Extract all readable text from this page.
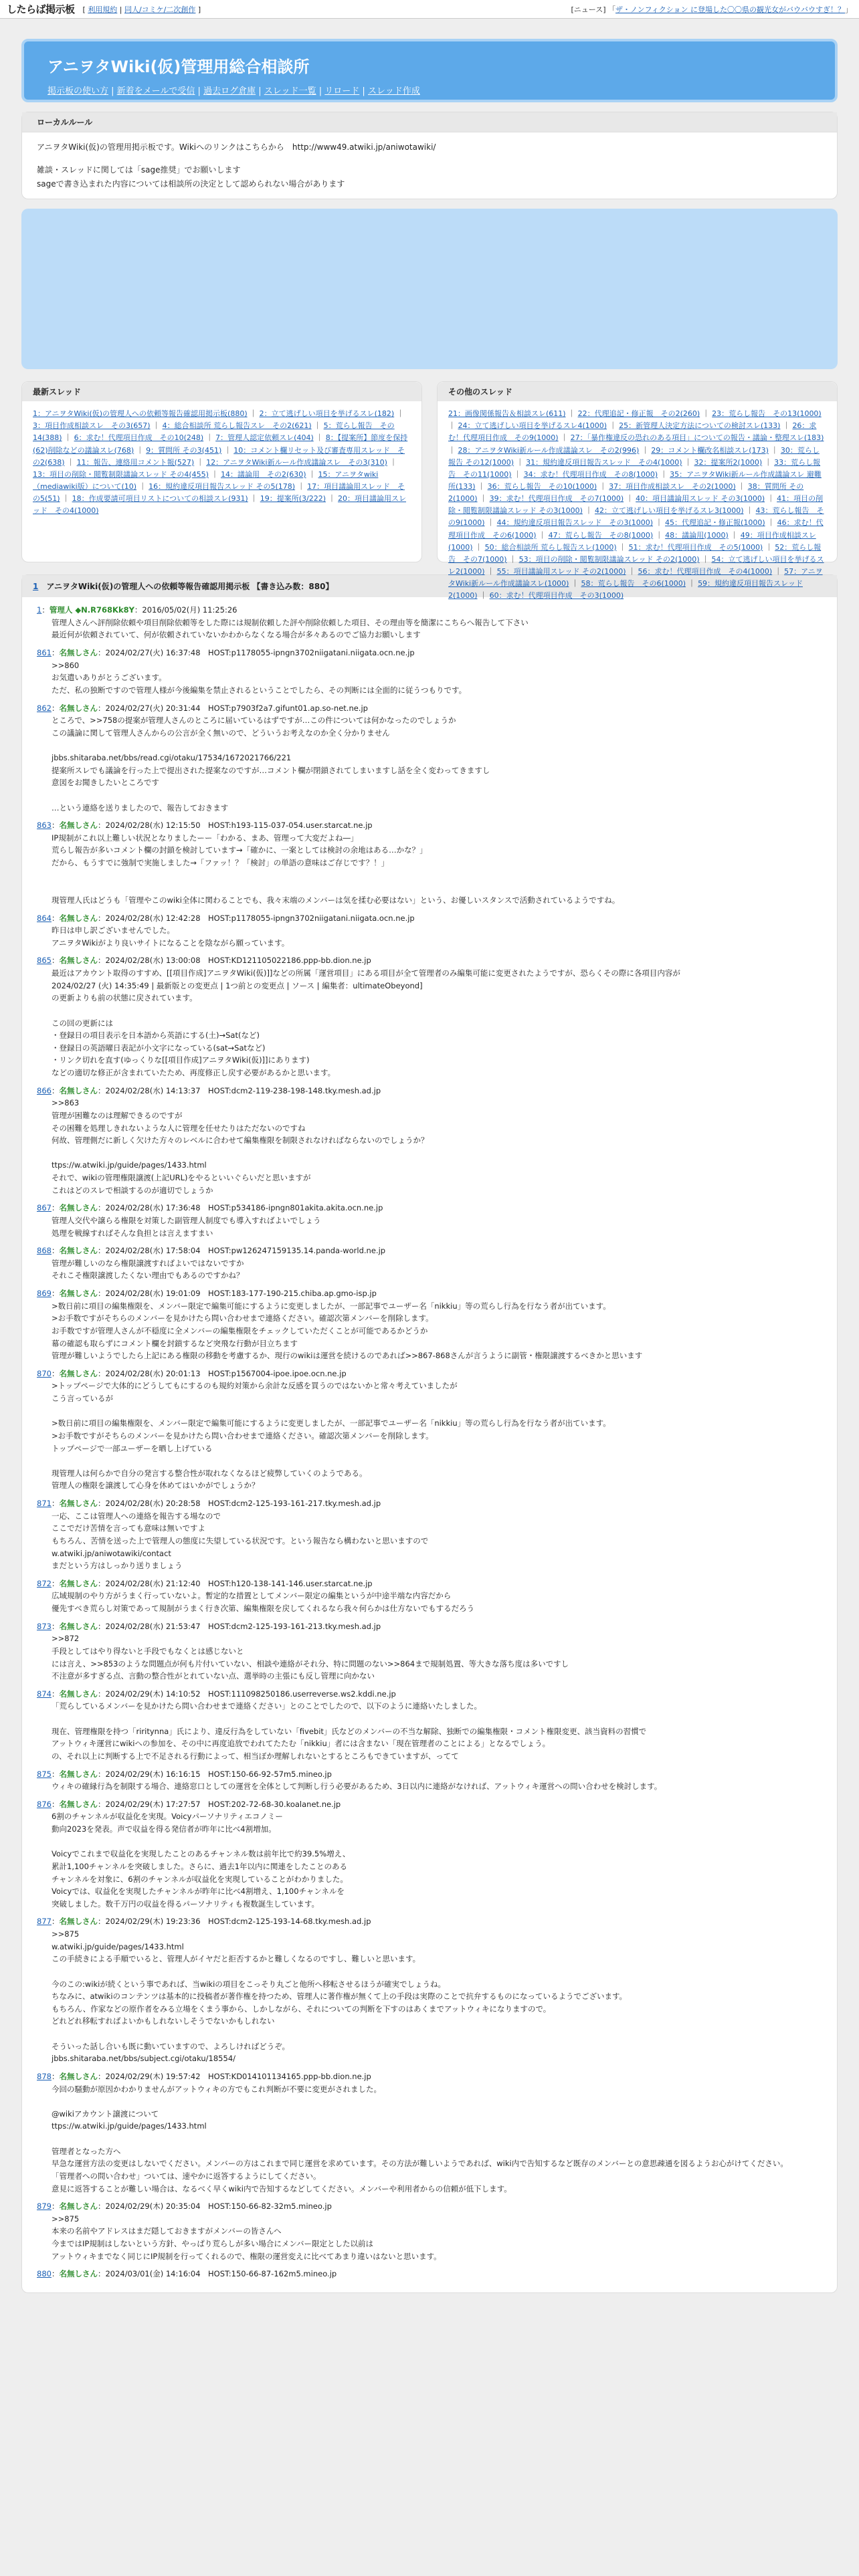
したらば掲示板 [ 利用規約 | 同人/コミケ/二次創作 ]	[ニュース] 「ザ・ノンフィクション に登場した〇〇県の観光女がバウバウすぎ！？」
アニヲタWiki(仮)管理用総合相談所
掲示板の使い方 | 新着をメールで受信 | 過去ログ倉庫 | スレッド一覧 | リロード | スレッド作成
ローカルルール
アニヲタWiki(仮)の管理用掲示板です。Wikiへのリンクはこちらから　http://www49.atwiki.jp/aniwotawiki/
雑談・スレッドに関しては「sage推奨」でお願いします
sageで書き込まれた内容については相談所の決定として認められない場合があります
最新スレッド
1：アニヲタWiki(仮)の管理人への依頼等報告確認用掲示板(880) ｜ 2：立て逃げしい項目を挙げるスレ(182) ｜ 3：項目作成相談スレ　その3(657) ｜ 4：総合相談所 荒らし報告スレ　その2(621) ｜ 5：荒らし報告　その14(388) ｜ 6：求む！代理項目作成　その10(248) ｜ 7：管理人認定依頼スレ(404) ｜ 8：【提案所】節度を保持(62)削除などの議論スレ(768) ｜ 9：質問所 その3(451) ｜ 10：コメント欄リセット及び審査専用スレッド　その2(638) ｜ 11：報告、連絡用コメント報(527) ｜ 12：アニヲタWiki新ルール作成議論スレ　その3(310) ｜ 13：項目の削除・閲覧制限議論スレッド その4(455) ｜ 14：議論用　その2(630) ｜ 15：アニヲタwiki（mediawiki版）について(10) ｜ 16：規約違反項目報告スレッド その5(178) ｜ 17：項目議論用スレッド　その5(51) ｜ 18：作成要請可項目リストについての相談スレ(931) ｜ 19：提案所(3/222) ｜ 20：項目議論用スレッド　その4(1000)
その他のスレッド
21：画像関係報告＆相談スレ(611) ｜ 22：代理追記・修正報　その2(260) ｜ 23：荒らし報告　その13(1000) ｜ 24：立て逃げしい項目を挙げるスレ4(1000) ｜ 25：新管理人決定方法についての検討スレ(133) ｜ 26：求む！代理項目作成　その9(1000) ｜ 27：「暴作権違反の恐れのある項目」についての報告・議論・整理スレ(183) ｜ 28：アニヲタWiki新ルール作成議論スレ　その2(996) ｜ 29：コメント欄改名相談スレ(173) ｜ 30：荒らし報告 その12(1000) ｜ 31：規約違反項目報告スレッド　その4(1000) ｜ 32：提案所2(1000) ｜ 33：荒らし報告　その11(1000) ｜ 34：求む！代理項目作成　その8(1000) ｜ 35：アニヲタWiki新ルール作成議論スレ 避難所(133) ｜ 36：荒らし報告　その10(1000) ｜ 37：項目作成相談スレ　その2(1000) ｜ 38：質問所 その2(1000) ｜ 39：求む！代理項目作成　その7(1000) ｜ 40：項目議論用スレッド その3(1000) ｜ 41：項目の削除・閲覧制限議論スレッド その3(1000) ｜ 42：立て逃げしい項目を挙げるスレ3(1000) ｜ 43：荒らし報告　その9(1000) ｜ 44：規約違反項目報告スレッド　その3(1000) ｜ 45：代理追記・修正報(1000) ｜ 46：求む！代理項目作成　その6(1000) ｜ 47：荒らし報告　その8(1000) ｜ 48：議論用(1000) ｜ 49：項目作成相談スレ(1000) ｜ 50：総合相談所 荒らし報告スレ(1000) ｜ 51：求む！代理項目作成　その5(1000) ｜ 52：荒らし報告　その7(1000) ｜ 53：項目の削除・閲覧制限議論スレッド その2(1000) ｜ 54：立て逃げしい項目を挙げるスレ2(1000) ｜ 55：項目議論用スレッド その2(1000) ｜ 56：求む！代理項目作成　その4(1000) ｜ 57：アニヲタWiki新ルール作成議論スレ(1000) ｜ 58：荒らし報告　その6(1000) ｜ 59：規約違反項目報告スレッド2(1000) ｜ 60：求む！代理項目作成　その3(1000)
1 アニヲタWiki(仮)の管理人への依頼等報告確認用掲示板 【書き込み数：880】
1：管理人 ◆N.R768Kk8Y：2016/05/02(月) 11:25:26
管理人さんへ評削除依頼や項目削除依頼等をした際には規制依頼した評や削除依頼した項目、その理由等を簡潔にこちらへ報告して下さい
最近何が依頼されていて、何が依頼されていないかわからなくなる場合が多々あるのでご協力お願いします
861：名無しさん：2024/02/27(火) 16:37:48　HOST:p1178055-ipngn3702niigatani.niigata.ocn.ne.jp
>>860
お気遣いありがとうございます。
ただ、私の独断ですので管理人様が今後編集を禁止されるということでしたら、その判断には全面的に従うつもりです。
862：名無しさん：2024/02/27(火) 20:31:44　HOST:p7903f2a7.gifunt01.ap.so-net.ne.jp
ところで、>>758の提案が管理人さんのところに届いているはずですが…この件については何かなったのでしょうか
この議論に関して管理人さんからの公言が全く無いので、どういうお考えなのか全く分かりません

jbbs.shitaraba.net/bbs/read.cgi/otaku/17534/1672021766/221
提案所スレでも議論を行った上で提出された提案なのですが…コメント欄が閉鎖されてしまいますし話を全く変わってきますし
意図をお聞きしたいところです

…という連絡を送りましたので、報告しておきます
863：名無しさん：2024/02/28(水) 12:15:50　HOST:h193-115-037-054.user.starcat.ne.jp
IP規制がこれ以上難しい状況となりましたーー「わかる、まあ、管理って大変だよね―」
荒らし報告が多いコメント欄の封鎖を検討しています→「確かに、一案としては検討の余地はある…かな？」
だから、もうすでに強制で実施しました→「ファッ！？「検討」の単語の意味はご存じです？！」

現管理人氏はどうも「管理やこのwiki全体に関わることでも、我々末端のメンバーは気を揉む必要はない」という、お優しいスタンスで活動されているようですね。
864：名無しさん：2024/02/28(水) 12:42:28　HOST:p1178055-ipngn3702niigatani.niigata.ocn.ne.jp
昨日は申し訳ございませんでした。
アニヲタWikiがより良いサイトになることを陰ながら願っています。
865：名無しさん：2024/02/28(水) 13:00:08　HOST:KD121105022186.ppp-bb.dion.ne.jp
最近はアカウント取得のすすめ、[[項目作成]アニヲタWiki(仮)]]などの所属「運営項目」にある項目が全て管理者のみ編集可能に変更されたようですが、恐らくその際に各項目内容が
2024/02/27 (火) 14:35:49 | 最新版との変更点 | 1つ前との変更点 | ソース | 編集者：ultimateObeyond]
の更新よりも前の状態に戻されています。

この回の更新には
・登録日の項目表示を日本語から英語にする(土)→Sat(など)
・登録日の英語曜日表記が小文字になっている(sat→Satなど)
・リンク切れを直す(ゆっくりな[[項目作成]アニヲタWiki(仮)]]にあります)
などの適切な修正が含まれていたため、再度修正し戻す必要があるかと思います。
866：名無しさん：2024/02/28(水) 14:13:37　HOST:dcm2-119-238-198-148.tky.mesh.ad.jp
>>863
管理が困難なのは理解できるのですが
その困難を処理しきれないような人に管理を任せたりはただないのですね
何故、管理側だに新しく欠けた方々のレベルに合わせて編集権限を制限されなければならないのでしょうか？

ttps://w.atwiki.jp/guide/pages/1433.html
それで、wikiの管理権限譲渡(上記URL)をやるといいぐらいだと思いますが
これはどのスレで相談するのが適切でしょうか
867：名無しさん：2024/02/28(水) 17:36:48　HOST:p534186-ipngn801akita.akita.ocn.ne.jp
管理人交代や譲らる権限を対策した副管理人制度でも導入すればよいでしょう
処理を戦線すればそんな負担とは言えますまい
868：名無しさん：2024/02/28(水) 17:58:04　HOST:pw126247159135.14.panda-world.ne.jp
管理が難しいのなら権限譲渡すればよいではないですか
それこそ権限譲渡したくない理由でもあるのですかね？
869：名無しさん：2024/02/28(水) 19:01:09　HOST:183-177-190-215.chiba.ap.gmo-isp.jp
>数日前に項目の編集権限を、メンバー限定で編集可能にするように変更しましたが、一部記事でユーザー名「nikkiu」等の荒らし行為を行なう者が出ています。
>お手数ですがそちらのメンバーを見かけたら問い合わせまで連絡ください。確認次第メンバーを削除します。
お手数ですが管理人さんが不穏度に全メンバーの編集権限をチェックしていただくことが可能であるかどうか
幕の確認も取らずにコメント欄を封鎖するなど突飛な行動が目立ちます
管理が難しいようでしたら上記にある権限の移動を考慮するか、現行のwikiは運営を続けるのであれば>>867-868さんが言うように副管・権限譲渡するべきかと思います
870：名無しさん：2024/02/28(水) 20:01:13　HOST:p1567004-ipoe.ipoe.ocn.ne.jp
>トップページで大体的にどうしてもにするのも規約対策から余計な反感を買うのではないかと常々考えていましたが
こう言っているが

>数日前に項目の編集権限を、メンバー限定で編集可能にするように変更しましたが、一部記事でユーザー名「nikkiu」等の荒らし行為を行なう者が出ています。
>お手数ですがそちらのメンバーを見かけたら問い合わせまで連絡ください。確認次第メンバーを削除します。
トップページで一部ユーザーを晒し上げている

現管理人は何らかで自分の発言する整合性が取れなくなるほど疲弊していくのようである。
管理人の権限を譲渡して心身を休めてはいかがでしょうか？
871：名無しさん：2024/02/28(水) 20:28:58　HOST:dcm2-125-193-161-217.tky.mesh.ad.jp
一応、ここは管理人への連絡を報告する場なので
ここでだけ苦情を言っても意味は無いですよ
もちろん、苦情を送った上で管理人の態度に失望している状況です。という報告なら構わないと思いますので
w.atwiki.jp/aniwotawiki/contact
まだという方はしっかり送りましょう
872：名無しさん：2024/02/28(水) 21:12:40　HOST:h120-138-141-146.user.starcat.ne.jp
広域規制のやり方がうまく行っていないよ。暫定的な措置としてメンバー限定の編集というが中途半端な内容だから
優先すべき荒らし対策であって規制がうまく行き次第、編集権限を戻してくれるなら我々何らかは仕方ないでもするだろう
873：名無しさん：2024/02/28(水) 21:53:47　HOST:dcm2-125-193-161-213.tky.mesh.ad.jp
>>872
手段としてはやり得ないと手段でもなくとは感じないと
には言え、>>853のような問題点が何も片付いていない、相談や連絡がそれ分、特に問題のない>>864まで規制処置、等大きな落ち度は多いですし
不注意が多すぎる点、言動の整合性がとれていない点、選挙時の主張にも反し管理に向かない
874：名無しさん：2024/02/29(木) 14:10:52　HOST:111098250186.userreverse.ws2.kddi.ne.jp
「荒らしているメンバーを見かけたら問い合わせまで連絡ください」とのことでしたので、以下のように連絡いたしました。

現在、管理権限を持つ「riritynna」氏により、違反行為をしていない「fivebit」氏などのメンバーの不当な解除、独断での編集権限・コメント権限変更、該当資料の習慣で
アットウィキ運営にwikiへの参加を、その中に再度追放でわれてたたむ「nikkiu」者には含まない「現在管理者のことによる」となるでしょう。
の、それ以上に判断する上で不足される行動によって、相当ぼか理解しれないとするところもできていますが、ってて
875：名無しさん：2024/02/29(木) 16:16:15　HOST:150-66-92-57m5.mineo.jp
ウィキの確縁行為を制限する場合、連絡窓口としての運営を全体として判断し行う必要があるため、3日以内に連絡がなければ、アットウィキ運営への問い合わせを検討します。
876：名無しさん：2024/02/29(木) 17:27:57　HOST:202-72-68-30.koalanet.ne.jp
6割のチャンネルが収益化を実現。Voicyパーソナリティエコノミー
動向2023を発表。声で収益を得る発信者が昨年に比べ4割増加。

Voicyでこれまで収益化を実現したことのあるチャンネル数は前年比で約39.5%増え、
累計1,100チャンネルを突破しました。さらに、過去1年以内に関連をしたことのある
チャンネルを対象に、6割のチャンネルが収益化を実現していることがわかりました。
Voicyでは、収益化を実現したチャンネルが昨年に比べ4割増え、1,100チャンネルを
突破しました。数千万円の収益を得るパーソナリティも複数誕生しています。
877：名無しさん：2024/02/29(木) 19:23:36　HOST:dcm2-125-193-14-68.tky.mesh.ad.jp
>>875
w.atwiki.jp/guide/pages/1433.html
この手続きによる手順でいると、管理人がイヤだと拒否するかと難しくなるのですし、難しいと思います。

今のこの:wikiが続くという事であれば、当wikiの項目をこっそり丸ごと他所へ移転させるほうが確実でしょうね。
ちなみに、atwikiのコンテンツは基本的に投稿者が著作権を持つため、管理人に著作権が無くて上の手段は実際のことで抗弁するものになっているようでございます。
もちろん、作家などの原作者をみる立場をくまう事から、しかしながら、それについての判断を下すのはあくまでアットウィキになりますので。
どれどれ移転すればよいかもしれないしそうでないかもしれない

そういった話し合いも既に動いていますので、よろしければどうぞ。
jbbs.shitaraba.net/bbs/subject.cgi/otaku/18554/
878：名無しさん：2024/02/29(木) 19:57:42　HOST:KD014101134165.ppp-bb.dion.ne.jp
今回の騒動が原因かわかりませんがアットウィキの方でもこれ判断が不要に変更がされました。

@wikiアカウント譲渡について
ttps://w.atwiki.jp/guide/pages/1433.html

管理者となった方へ
早急な運営方法の変更はしないでください。メンバーの方はこれまで同じ運営を求めています。その方法が難しいようであれば、wiki内で告知するなど既存のメンバーとの意思疎通を図るようお心がけてください。
「管理者への問い合わせ」ついては、速やかに返答するようにしてください。
意見に返答することが難しい場合は、なるべく早くwiki内で告知するなどしてください。メンバーや利用者からの信頼が低下します。
879：名無しさん：2024/02/29(木) 20:35:04　HOST:150-66-82-32m5.mineo.jp
>>875
本来の名前やアドレスはまだ隠しておきますがメンバーの皆さんへ
今まではIP規制はしないという方針、やっぱり荒らしが多い場合にメンバー限定とした以前は
アットウィキまでなく同じにIP規制を行ってくれるので、権限の運営変えに比べてあまり違いはないと思います。
880：名無しさん：2024/03/01(金) 14:16:04　HOST:150-66-87-162m5.mineo.jp
